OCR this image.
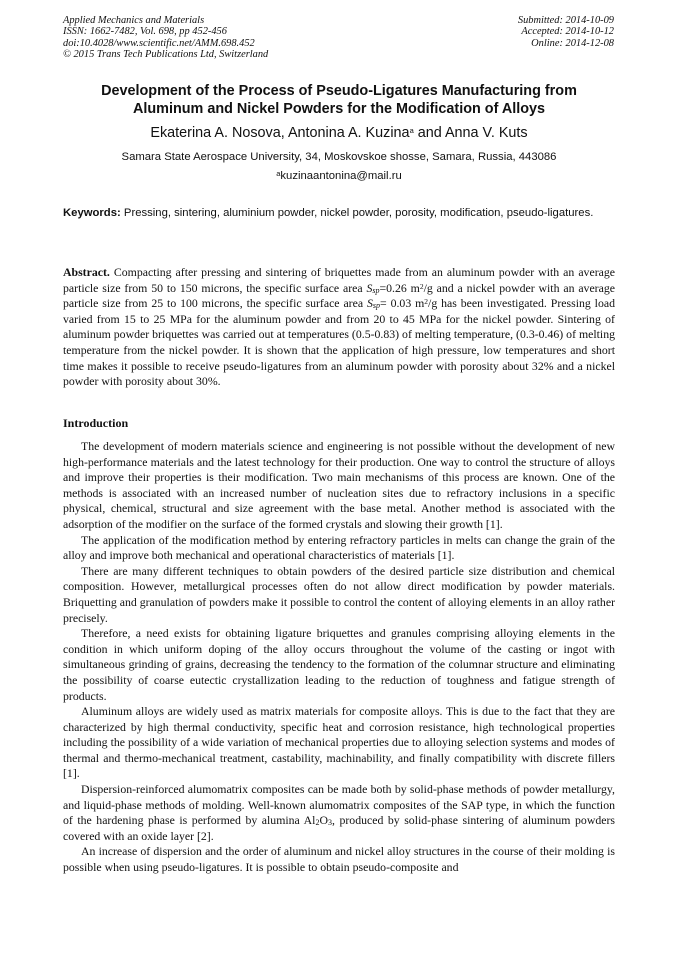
Applied Mechanics and Materials
ISSN: 1662-7482, Vol. 698, pp 452-456
doi:10.4028/www.scientific.net/AMM.698.452
© 2015 Trans Tech Publications Ltd, Switzerland
Submitted: 2014-10-09
Accepted: 2014-10-12
Online: 2014-12-08
Development of the Process of Pseudo-Ligatures Manufacturing from
Aluminum and Nickel Powders for the Modification of Alloys
Ekaterina A. Nosova, Antonina A. Kuzina$^a$ and Anna V. Kuts
Samara State Aerospace University, 34, Moskovskoe shosse, Samara, Russia, 443086
$^a$kuzinaantonina@mail.ru
Keywords: Pressing, sintering, aluminium powder, nickel powder, porosity, modification, pseudo-ligatures.
Abstract. Compacting after pressing and sintering of briquettes made from an aluminum powder with an average particle size from 50 to 150 microns, the specific surface area $S_{sp}=0.26$ $m^2/g$ and a nickel powder with an average particle size from 25 to 100 microns, the specific surface area $S_{sp}= 0.03$ $m^2/g$ has been investigated. Pressing load varied from 15 to 25 MPa for the aluminum powder and from 20 to 45 MPa for the nickel powder. Sintering of aluminum powder briquettes was carried out at temperatures (0.5-0.83) of melting temperature, (0.3-0.46) of melting temperature from the nickel powder. It is shown that the application of high pressure, low temperatures and short time makes it possible to receive pseudo-ligatures from an aluminum powder with porosity about 32% and a nickel powder with porosity about 30%.
Introduction

The development of modern materials science and engineering is not possible without the development of new high-performance materials and the latest technology for their production. One way to control the structure of alloys and improve their properties is their modification. Two main mechanisms of this process are known. One of the methods is associated with an increased number of nucleation sites due to refractory inclusions in a specific physical, chemical, structural and size agreement with the base metal. Another method is associated with the adsorption of the modifier on the surface of the formed crystals and slowing their growth [1].

The application of the modification method by entering refractory particles in melts can change the grain of the alloy and improve both mechanical and operational characteristics of materials [1].

There are many different techniques to obtain powders of the desired particle size distribution and chemical composition. However, metallurgical processes often do not allow direct modification by powder materials. Briquetting and granulation of powders make it possible to control the content of alloying elements in an alloy rather precisely.

Therefore, a need exists for obtaining ligature briquettes and granules comprising alloying elements in the condition in which uniform doping of the alloy occurs throughout the volume of the casting or ingot with simultaneous grinding of grains, decreasing the tendency to the formation of the columnar structure and eliminating the possibility of coarse eutectic crystallization leading to the reduction of toughness and fatigue strength of products.

Aluminum alloys are widely used as matrix materials for composite alloys. This is due to the fact that they are characterized by high thermal conductivity, specific heat and corrosion resistance, high technological properties including the possibility of a wide variation of mechanical properties due to alloying selection systems and modes of thermal and thermo-mechanical treatment, castability, machinability, and finally compatibility with discrete fillers [1].

Dispersion-reinforced alumomatrix composites can be made both by solid-phase methods of powder metallurgy, and liquid-phase methods of molding. Well-known alumomatrix composites of the SAP type, in which the function of the hardening phase is performed by alumina $Al_2O_3$, produced by solid-phase sintering of aluminum powders covered with an oxide layer [2].

An increase of dispersion and the order of aluminum and nickel alloy structures in the course of their molding is possible when using pseudo-ligatures. It is possible to obtain pseudo-composite and
